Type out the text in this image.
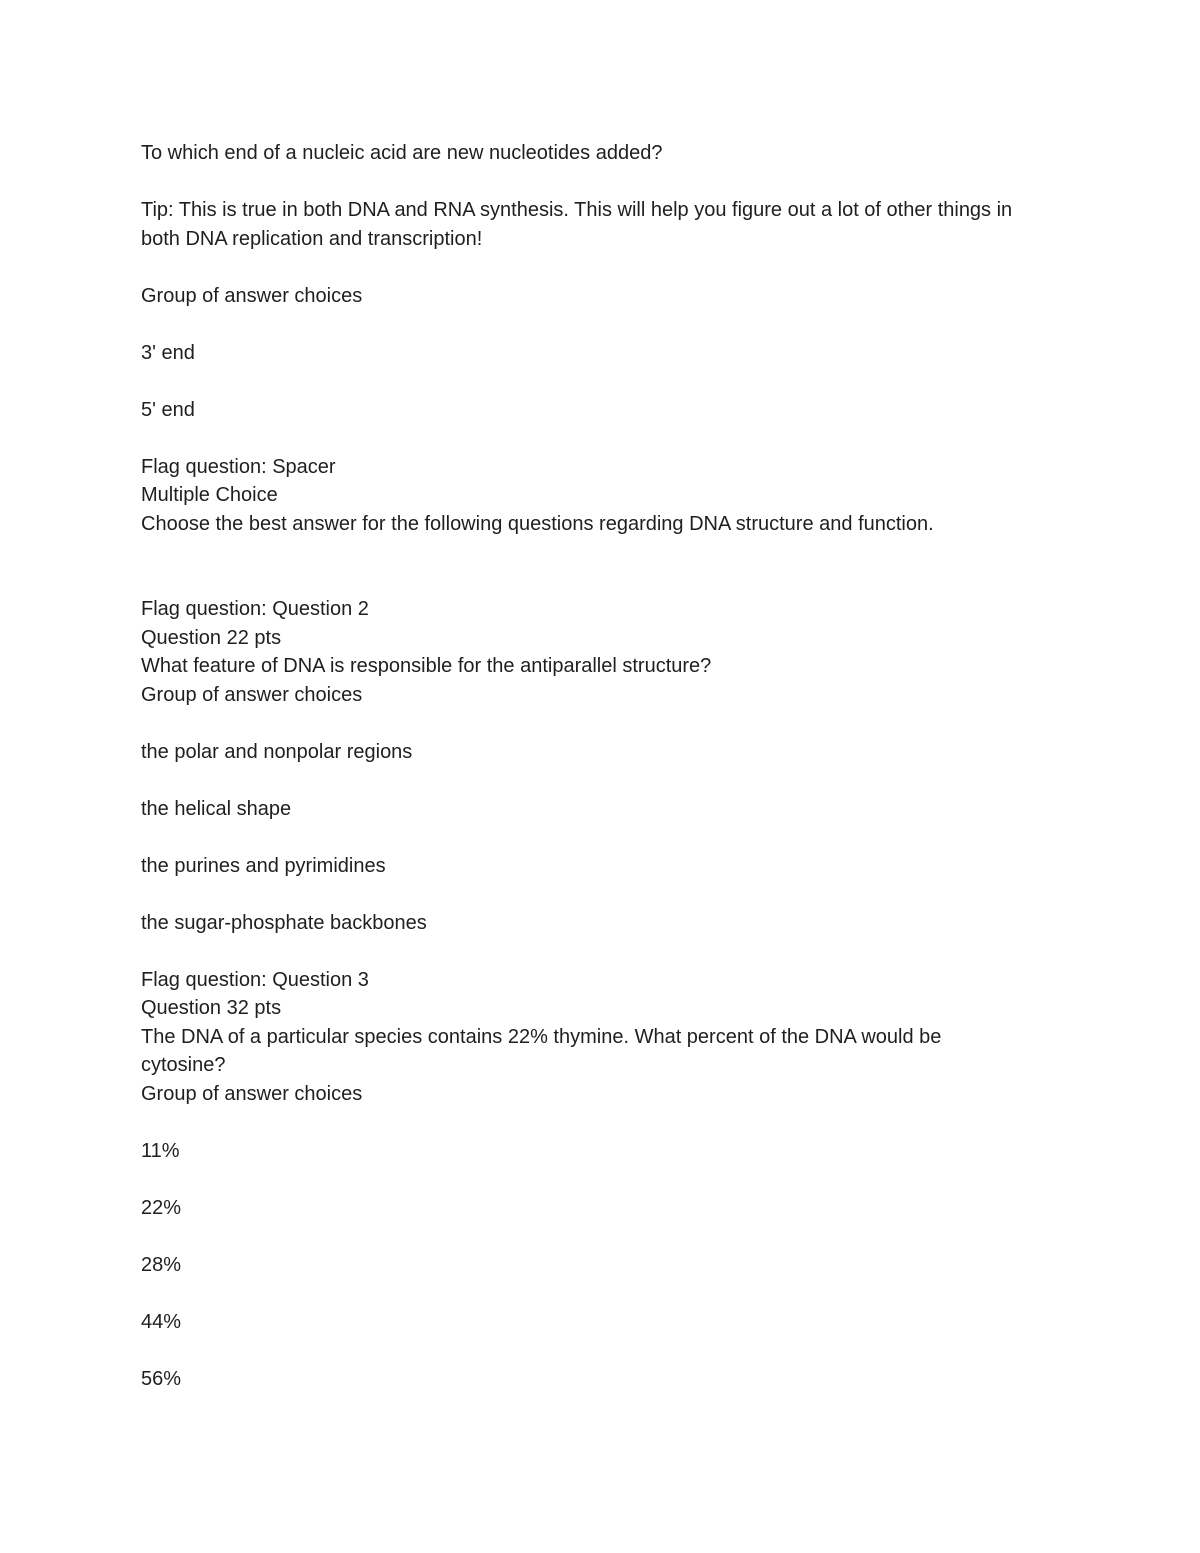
To which end of a nucleic acid are new nucleotides added?

Tip: This is true in both DNA and RNA synthesis. This will help you figure out a lot of other things in both DNA replication and transcription!

Group of answer choices

3' end

5' end

Flag question: Spacer

Multiple Choice

Choose the best answer for the following questions regarding DNA structure and function.

Flag question: Question 2

Question 22 pts

What feature of DNA is responsible for the antiparallel structure?

Group of answer choices

the polar and nonpolar regions

the helical shape

the purines and pyrimidines

the sugar-phosphate backbones

Flag question: Question 3

Question 32 pts

The DNA of a particular species contains 22% thymine. What percent of the DNA would be cytosine?

Group of answer choices

11%

22%

28%

44%

56%
